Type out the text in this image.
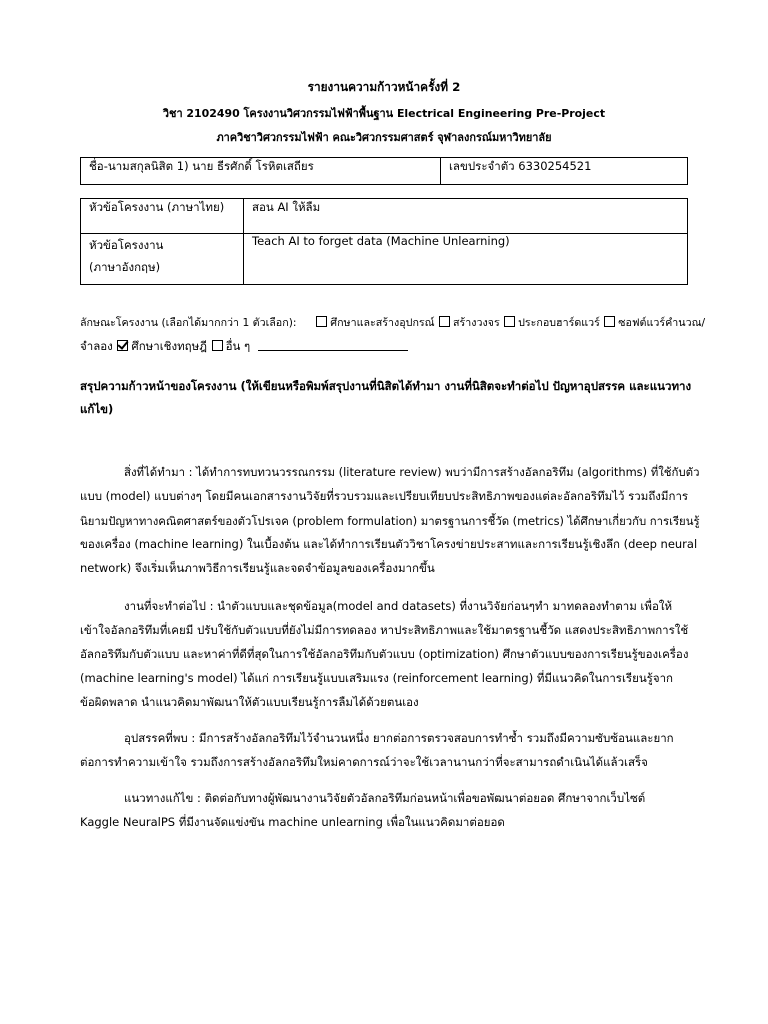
รายงานความก้าวหน้าครั้งที่ 2
วิชา 2102490 โครงงานวิศวกรรมไฟฟ้าพื้นฐาน Electrical Engineering Pre-Project
ภาควิชาวิศวกรรมไฟฟ้า คณะวิศวกรรมศาสตร์ จุฬาลงกรณ์มหาวิทยาลัย
ชื่อ-นามสกุลนิสิต 1) นาย ธีรศักดิ์ โรหิตเสถียร	เลขประจำตัว 6330254521
หัวข้อโครงงาน (ภาษาไทย)	สอน AI ให้ลืม

หัวข้อโครงงาน
(ภาษาอังกฤษ)	Teach AI to forget data (Machine Unlearning)
ลักษณะโครงงาน (เลือกได้มากกว่า 1 ตัวเลือก):	ศึกษาและสร้างอุปกรณ์ สร้างวงจร ประกอบฮาร์ดแวร์ ซอฟต์แวร์คำนวณ/
จำลอง ศึกษาเชิงทฤษฎี อื่น ๆ
สรุปความก้าวหน้าของโครงงาน (ให้เขียนหรือพิมพ์สรุปงานที่นิสิตได้ทำมา งานที่นิสิตจะทำต่อไป ปัญหาอุปสรรค และแนวทาง
แก้ไข)
สิ่งที่ได้ทำมา : ได้ทำการทบทวนวรรณกรรม (literature review) พบว่ามีการสร้างอัลกอริทึม (algorithms) ที่ใช้กับตัว
แบบ (model) แบบต่างๆ โดยมีคนเอกสารงานวิจัยที่รวบรวมและเปรียบเทียบประสิทธิภาพของแต่ละอัลกอริทึมไว้ รวมถึงมีการ
นิยามปัญหาทางคณิตศาสตร์ของตัวโปรเจค (problem formulation) มาตรฐานการชี้วัด (metrics) ได้ศึกษาเกี่ยวกับ การเรียนรู้
ของเครื่อง (machine learning) ในเบื้องต้น และได้ทำการเรียนตัววิชาโครงข่ายประสาทและการเรียนรู้เชิงลึก (deep neural
network) จึงเริ่มเห็นภาพวิธีการเรียนรู้และจดจำข้อมูลของเครื่องมากขึ้น
งานที่จะทำต่อไป : นำตัวแบบและชุดข้อมูล(model and datasets) ที่งานวิจัยก่อนๆทำ มาทดลองทำตาม เพื่อให้
เข้าใจอัลกอริทึมที่เคยมี ปรับใช้กับตัวแบบที่ยังไม่มีการทดลอง หาประสิทธิภาพและใช้มาตรฐานชี้วัด แสดงประสิทธิภาพการใช้
อัลกอริทึมกับตัวแบบ และหาค่าที่ดีที่สุดในการใช้อัลกอริทึมกับตัวแบบ (optimization) ศึกษาตัวแบบของการเรียนรู้ของเครื่อง
(machine learning's model) ได้แก่ การเรียนรู้แบบเสริมแรง (reinforcement learning) ที่มีแนวคิดในการเรียนรู้จาก
ข้อผิดพลาด นำแนวคิดมาพัฒนาให้ตัวแบบเรียนรู้การลืมได้ด้วยตนเอง
อุปสรรคที่พบ : มีการสร้างอัลกอริทึมไว้จำนวนหนึ่ง ยากต่อการตรวจสอบการทำซ้ำ รวมถึงมีความซับซ้อนและยาก
ต่อการทำความเข้าใจ รวมถึงการสร้างอัลกอริทึมใหม่คาดการณ์ว่าจะใช้เวลานานกว่าที่จะสามารถดำเนินได้แล้วเสร็จ
แนวทางแก้ไข : ติดต่อกับทางผู้พัฒนางานวิจัยตัวอัลกอริทึมก่อนหน้าเพื่อขอพัฒนาต่อยอด ศึกษาจากเว็บไซต์
Kaggle NeuralPS ที่มีงานจัดแข่งขัน machine unlearning เพื่อในแนวคิดมาต่อยอด
